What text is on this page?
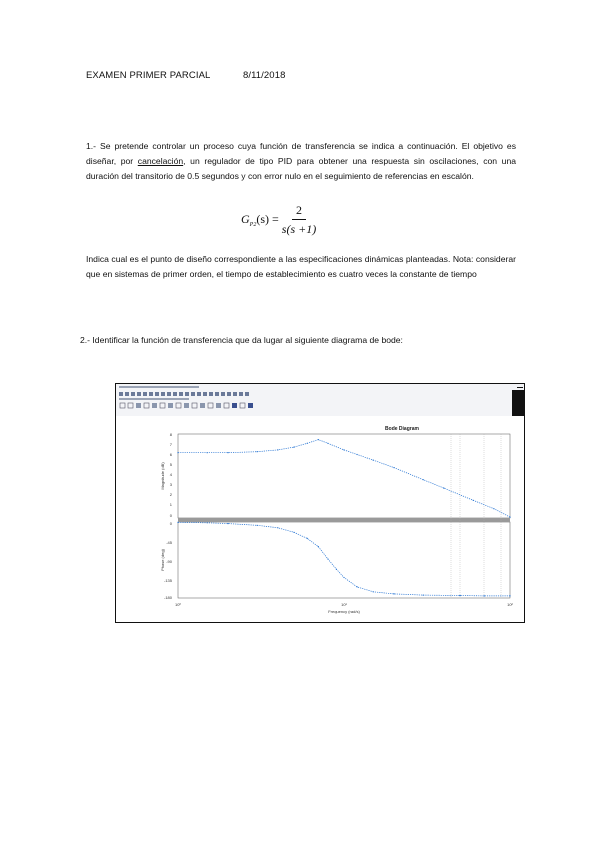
EXAMEN PRIMER PARCIAL	8/11/2018

1.- Se pretende controlar un proceso cuya función de transferencia se indica a continuación. El objetivo es diseñar, por cancelación, un regulador de tipo PID para obtener una respuesta sin oscilaciones, con una duración del transitorio de 0.5 segundos y con error nulo en el seguimiento de referencias en escalón.

$G_{P2}(s) = \frac{2}{s(s +1)}$

Indica cual es el punto de diseño correspondiente a las especificaciones dinámicas planteadas. Nota: considerar que en sistemas de primer orden, el tiempo de establecimiento es cuatro veces la constante de tiempo

2.- Identificar la función de transferencia que da lugar al siguiente diagrama de bode:

Bode Diagram
8
7
6
5
4
3
2
1
0
0
-45
-90
-135
-180
Magnitude (dB)
Phase (deg)
10⁰	10¹	10²
Frequency (rad/s)
